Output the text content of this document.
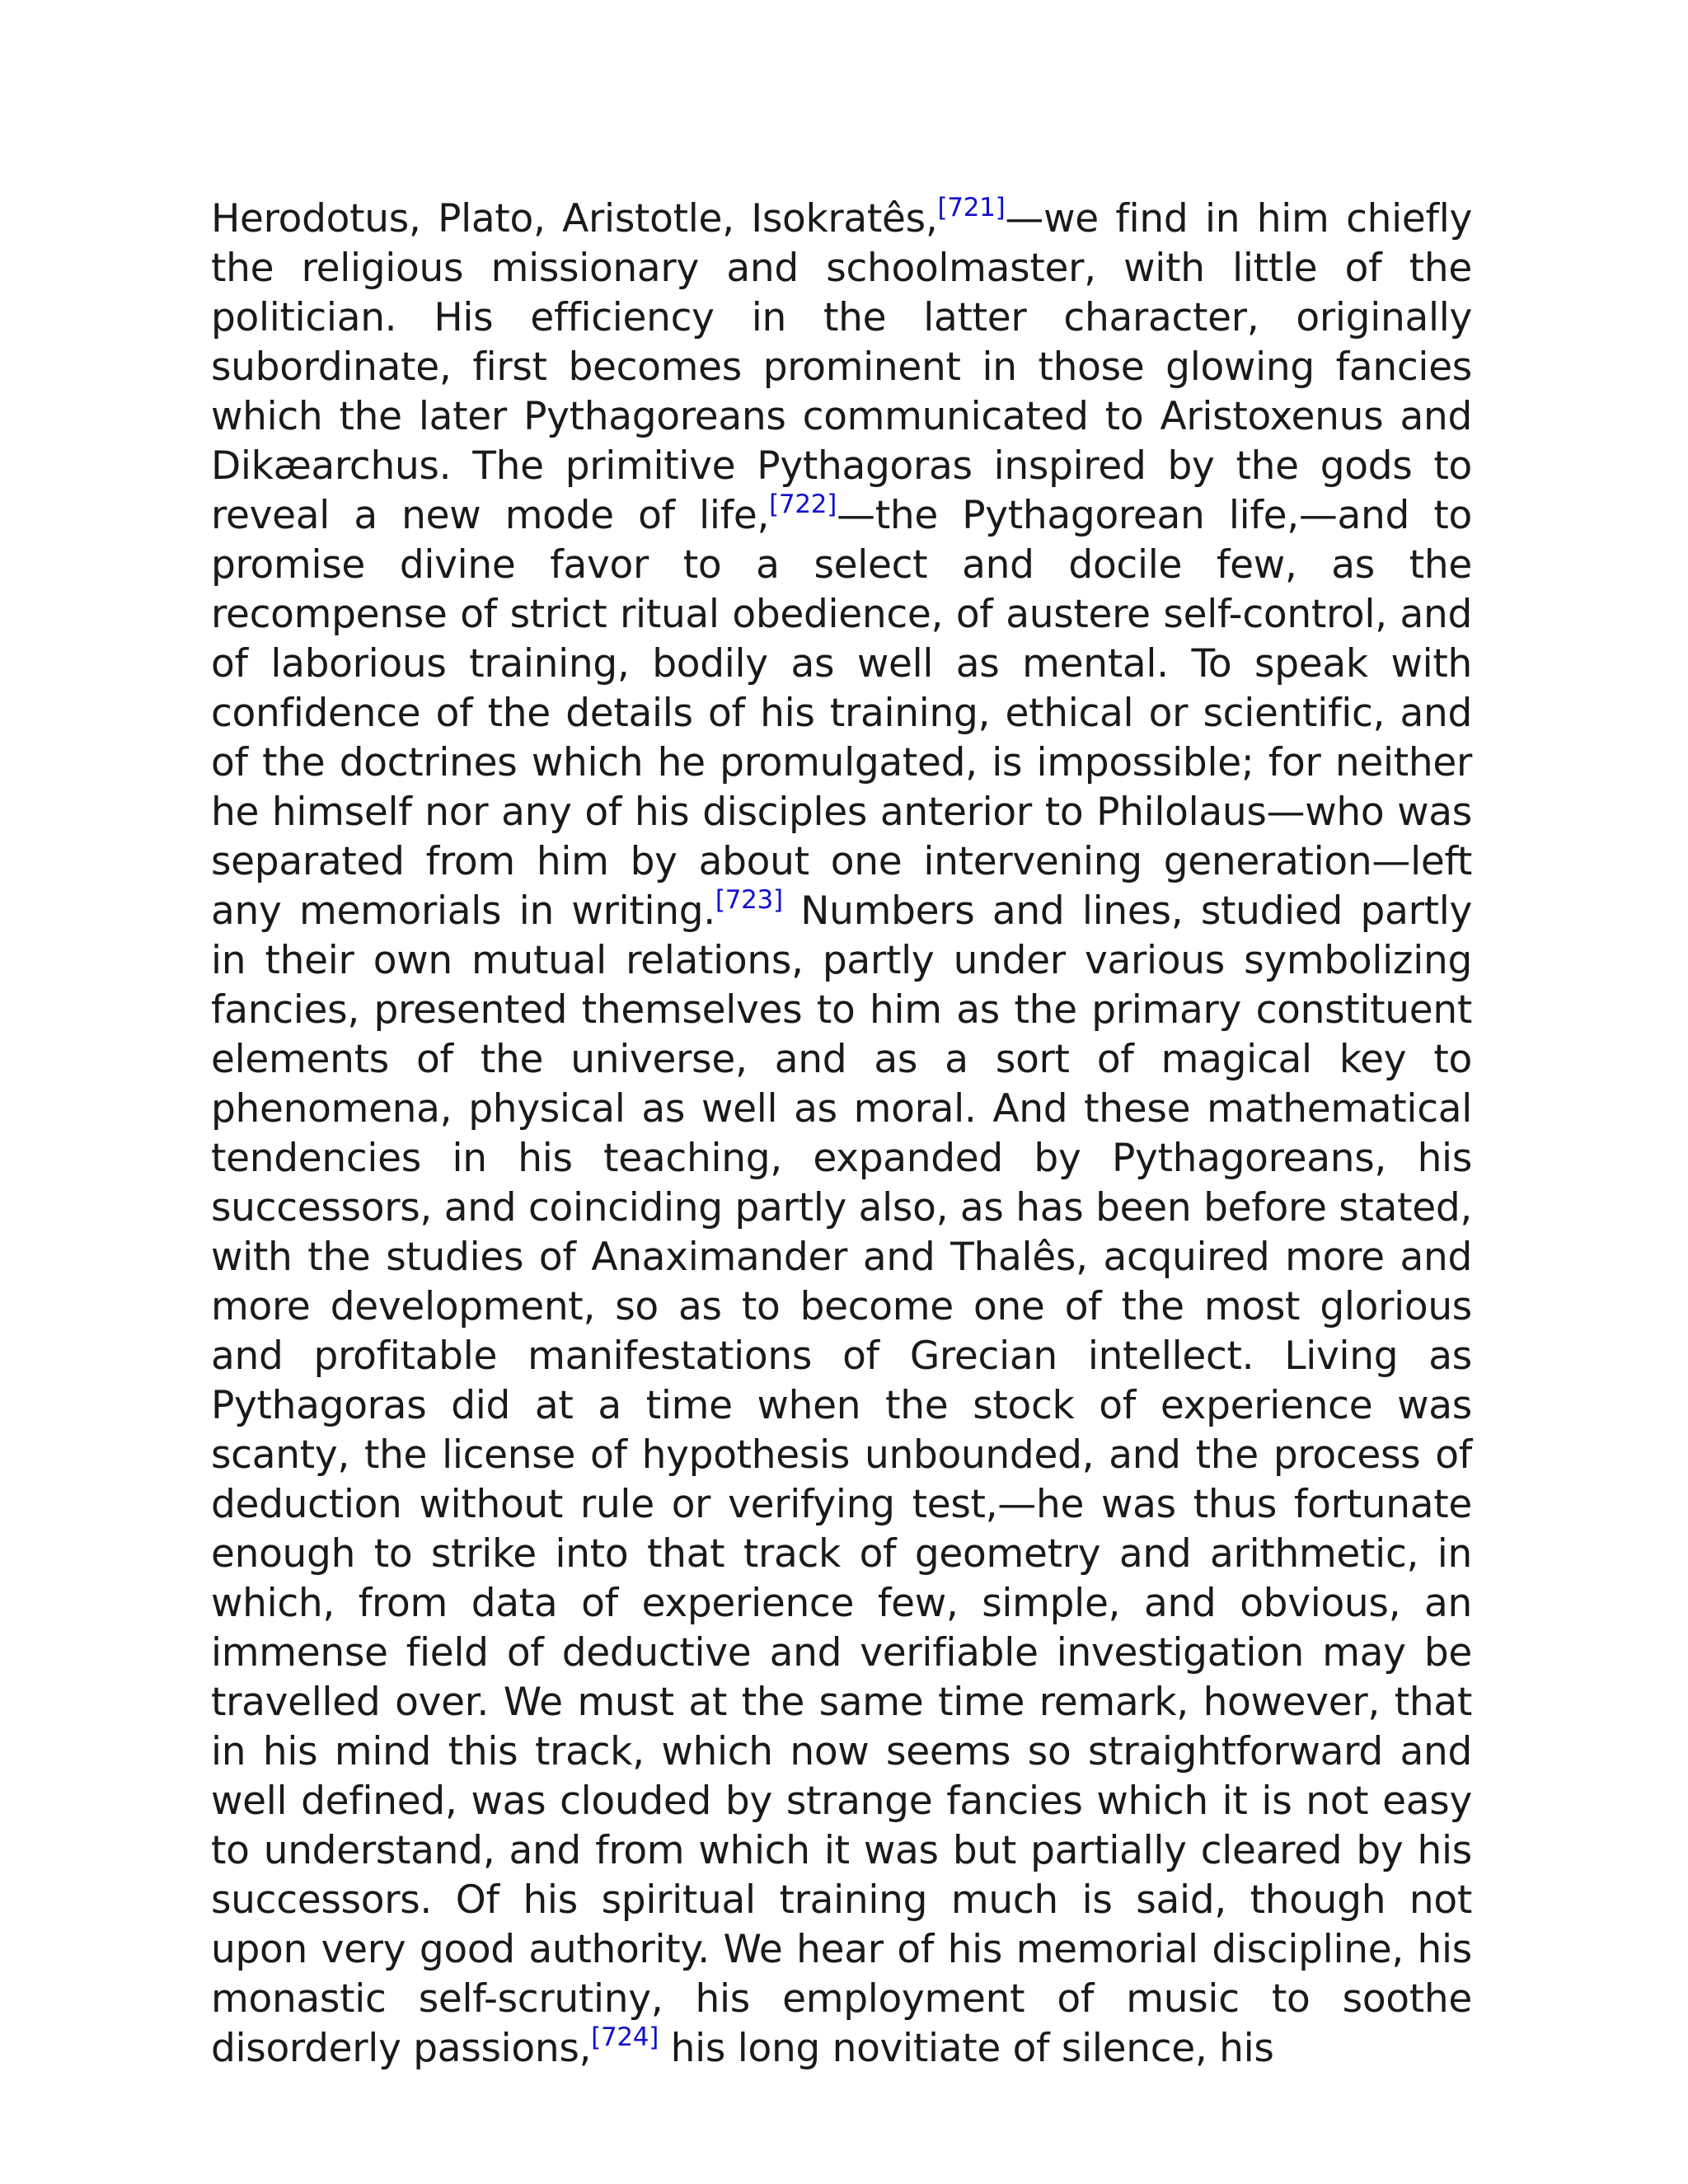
Herodotus, Plato, Aristotle, Isokratês,[721]—we find in him chiefly the religious missionary and schoolmaster, with little of the politician. His efficiency in the latter character, originally subordinate, first becomes prominent in those glowing fancies which the later Pythagoreans communicated to Aristoxenus and Dikæarchus. The primitive Pythagoras inspired by the gods to reveal a new mode of life,[722]—the Pythagorean life,—and to promise divine favor to a select and docile few, as the recompense of strict ritual obedience, of austere self-control, and of laborious training, bodily as well as mental. To speak with confidence of the details of his training, ethical or scientific, and of the doctrines which he promulgated, is impossible; for neither he himself nor any of his disciples anterior to Philolaus—who was separated from him by about one intervening generation—left any memorials in writing.[723] Numbers and lines, studied partly in their own mutual relations, partly under various symbolizing fancies, presented themselves to him as the primary constituent elements of the universe, and as a sort of magical key to phenomena, physical as well as moral. And these mathematical tendencies in his teaching, expanded by Pythagoreans, his successors, and coinciding partly also, as has been before stated, with the studies of Anaximander and Thalês, acquired more and more development, so as to become one of the most glorious and profitable manifestations of Grecian intellect. Living as Pythagoras did at a time when the stock of experience was scanty, the license of hypothesis unbounded, and the process of deduction without rule or verifying test,—he was thus fortunate enough to strike into that track of geometry and arithmetic, in which, from data of experience few, simple, and obvious, an immense field of deductive and verifiable investigation may be travelled over. We must at the same time remark, however, that in his mind this track, which now seems so straightforward and well defined, was clouded by strange fancies which it is not easy to understand, and from which it was but partially cleared by his successors. Of his spiritual training much is said, though not upon very good authority. We hear of his memorial discipline, his monastic self-scrutiny, his employment of music to soothe disorderly passions,[724] his long novitiate of silence, his
